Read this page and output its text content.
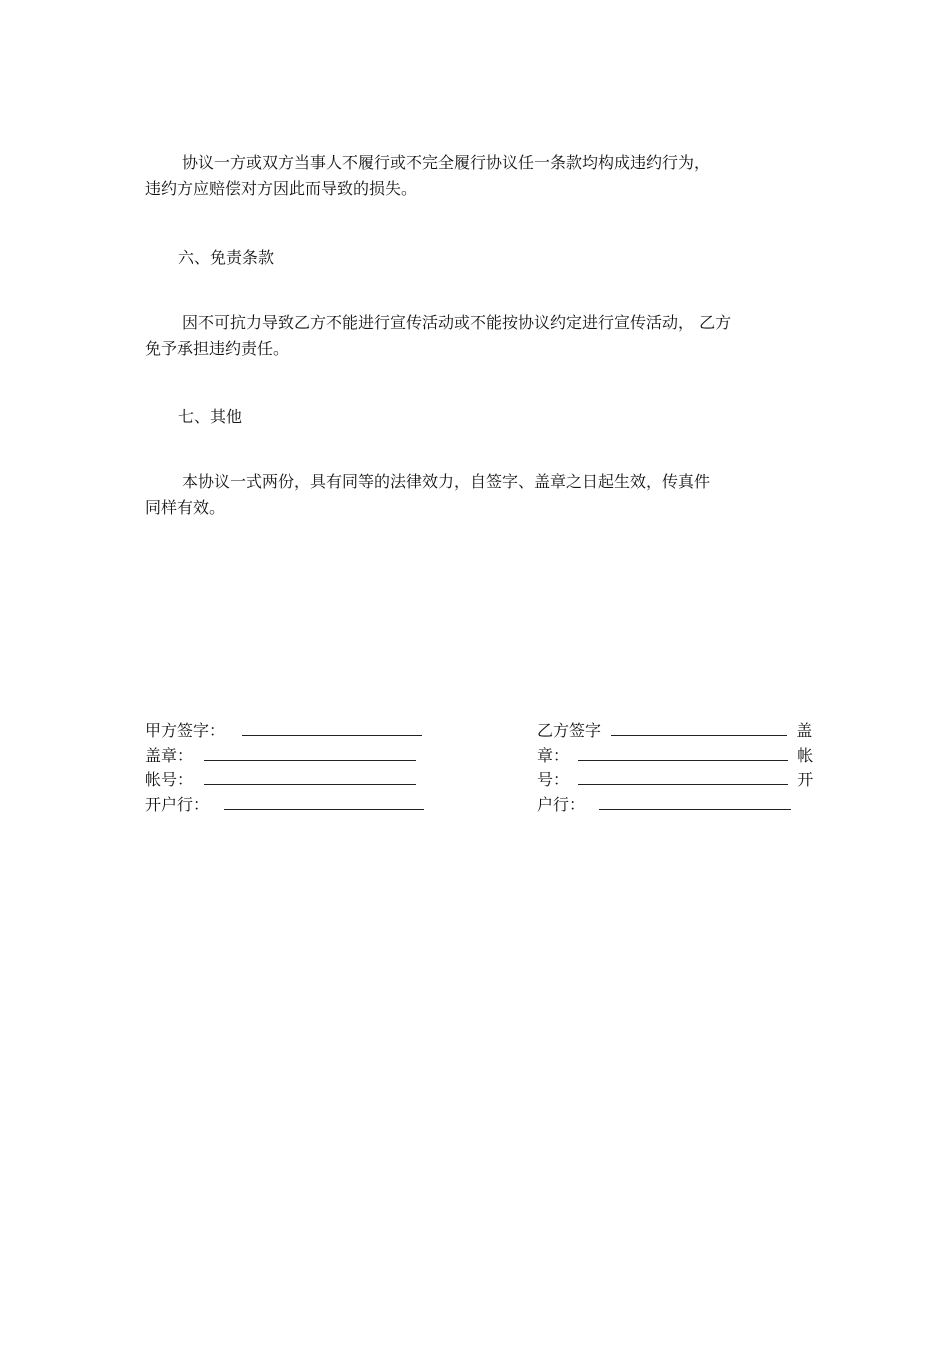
协议一方或双方当事人不履行或不完全履行协议任一条款均构成违约行为，
违约方应赔偿对方因此而导致的损失。
六、免责条款
因不可抗力导致乙方不能进行宣传活动或不能按协议约定进行宣传活动， 乙方
免予承担违约责任。
七、其他
本协议一式两份，具有同等的法律效力，自签字、盖章之日起生效，传真件
同样有效。
甲方签字：
盖章：
帐号：
开户行：
乙方签字	盖
章：	帐
号：	开
户行：
